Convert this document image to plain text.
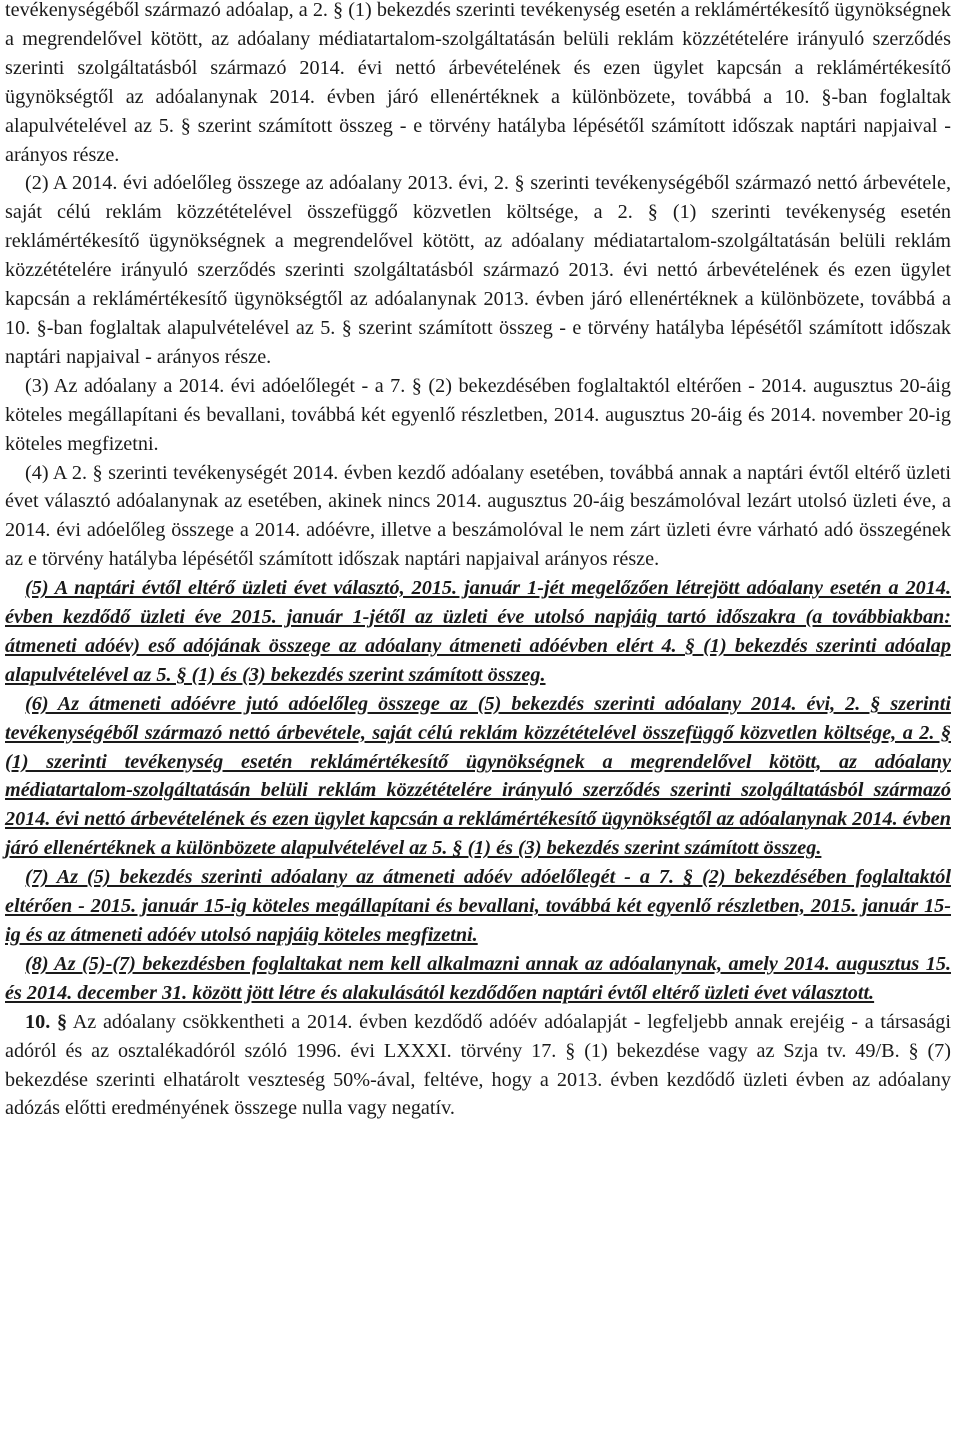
tevékenységéből származó adóalap, a 2. § (1) bekezdés szerinti tevékenység esetén a reklámértékesítő ügynökségnek a megrendelővel kötött, az adóalany médiatartalom-szolgáltatásán belüli reklám közzétételére irányuló szerződés szerinti szolgáltatásból származó 2014. évi nettó árbevételének és ezen ügylet kapcsán a reklámértékesítő ügynökségtől az adóalanynak 2014. évben járó ellenértéknek a különbözete, továbbá a 10. §-ban foglaltak alapulvételével az 5. § szerint számított összeg - e törvény hatályba lépésétől számított időszak naptári napjaival - arányos része.

(2) A 2014. évi adóelőleg összege az adóalany 2013. évi, 2. § szerinti tevékenységéből származó nettó árbevétele, saját célú reklám közzétételével összefüggő közvetlen költsége, a 2. § (1) szerinti tevékenység esetén reklámértékesítő ügynökségnek a megrendelővel kötött, az adóalany médiatartalom-szolgáltatásán belüli reklám közzétételére irányuló szerződés szerinti szolgáltatásból származó 2013. évi nettó árbevételének és ezen ügylet kapcsán a reklámértékesítő ügynökségtől az adóalanynak 2013. évben járó ellenértéknek a különbözete, továbbá a 10. §-ban foglaltak alapulvételével az 5. § szerint számított összeg - e törvény hatályba lépésétől számított időszak naptári napjaival - arányos része.

(3) Az adóalany a 2014. évi adóelőlegét - a 7. § (2) bekezdésében foglaltaktól eltérően - 2014. augusztus 20-áig köteles megállapítani és bevallani, továbbá két egyenlő részletben, 2014. augusztus 20-áig és 2014. november 20-ig köteles megfizetni.

(4) A 2. § szerinti tevékenységét 2014. évben kezdő adóalany esetében, továbbá annak a naptári évtől eltérő üzleti évet választó adóalanynak az esetében, akinek nincs 2014. augusztus 20-áig beszámolóval lezárt utolsó üzleti éve, a 2014. évi adóelőleg összege a 2014. adóévre, illetve a beszámolóval le nem zárt üzleti évre várható adó összegének az e törvény hatályba lépésétől számított időszak naptári napjaival arányos része.

(5) A naptári évtől eltérő üzleti évet választó, 2015. január 1-jét megelőzően létrejött adóalany esetén a 2014. évben kezdődő üzleti éve 2015. január 1-jétől az üzleti éve utolsó napjáig tartó időszakra (a továbbiakban: átmeneti adóév) eső adójának összege az adóalany átmeneti adóévben elért 4. § (1) bekezdés szerinti adóalap alapulvételével az 5. § (1) és (3) bekezdés szerint számított összeg.

(6) Az átmeneti adóévre jutó adóelőleg összege az (5) bekezdés szerinti adóalany 2014. évi, 2. § szerinti tevékenységéből származó nettó árbevétele, saját célú reklám közzétételével összefüggő közvetlen költsége, a 2. § (1) szerinti tevékenység esetén reklámértékesítő ügynökségnek a megrendelővel kötött, az adóalany médiatartalom-szolgáltatásán belüli reklám közzétételére irányuló szerződés szerinti szolgáltatásból származó 2014. évi nettó árbevételének és ezen ügylet kapcsán a reklámértékesítő ügynökségtől az adóalanynak 2014. évben járó ellenértéknek a különbözete alapulvételével az 5. § (1) és (3) bekezdés szerint számított összeg.

(7) Az (5) bekezdés szerinti adóalany az átmeneti adóév adóelőlegét - a 7. § (2) bekezdésében foglaltaktól eltérően - 2015. január 15-ig köteles megállapítani és bevallani, továbbá két egyenlő részletben, 2015. január 15-ig és az átmeneti adóév utolsó napjáig köteles megfizetni.

(8) Az (5)-(7) bekezdésben foglaltakat nem kell alkalmazni annak az adóalanynak, amely 2014. augusztus 15. és 2014. december 31. között jött létre és alakulásától kezdődően naptári évtől eltérő üzleti évet választott.

10. § Az adóalany csökkentheti a 2014. évben kezdődő adóév adóalapját - legfeljebb annak erejéig - a társasági adóról és az osztalékadóról szóló 1996. évi LXXXI. törvény 17. § (1) bekezdése vagy az Szja tv. 49/B. § (7) bekezdése szerinti elhatárolt veszteség 50%-ával, feltéve, hogy a 2013. évben kezdődő üzleti évben az adóalany adózás előtti eredményének összege nulla vagy negatív.
